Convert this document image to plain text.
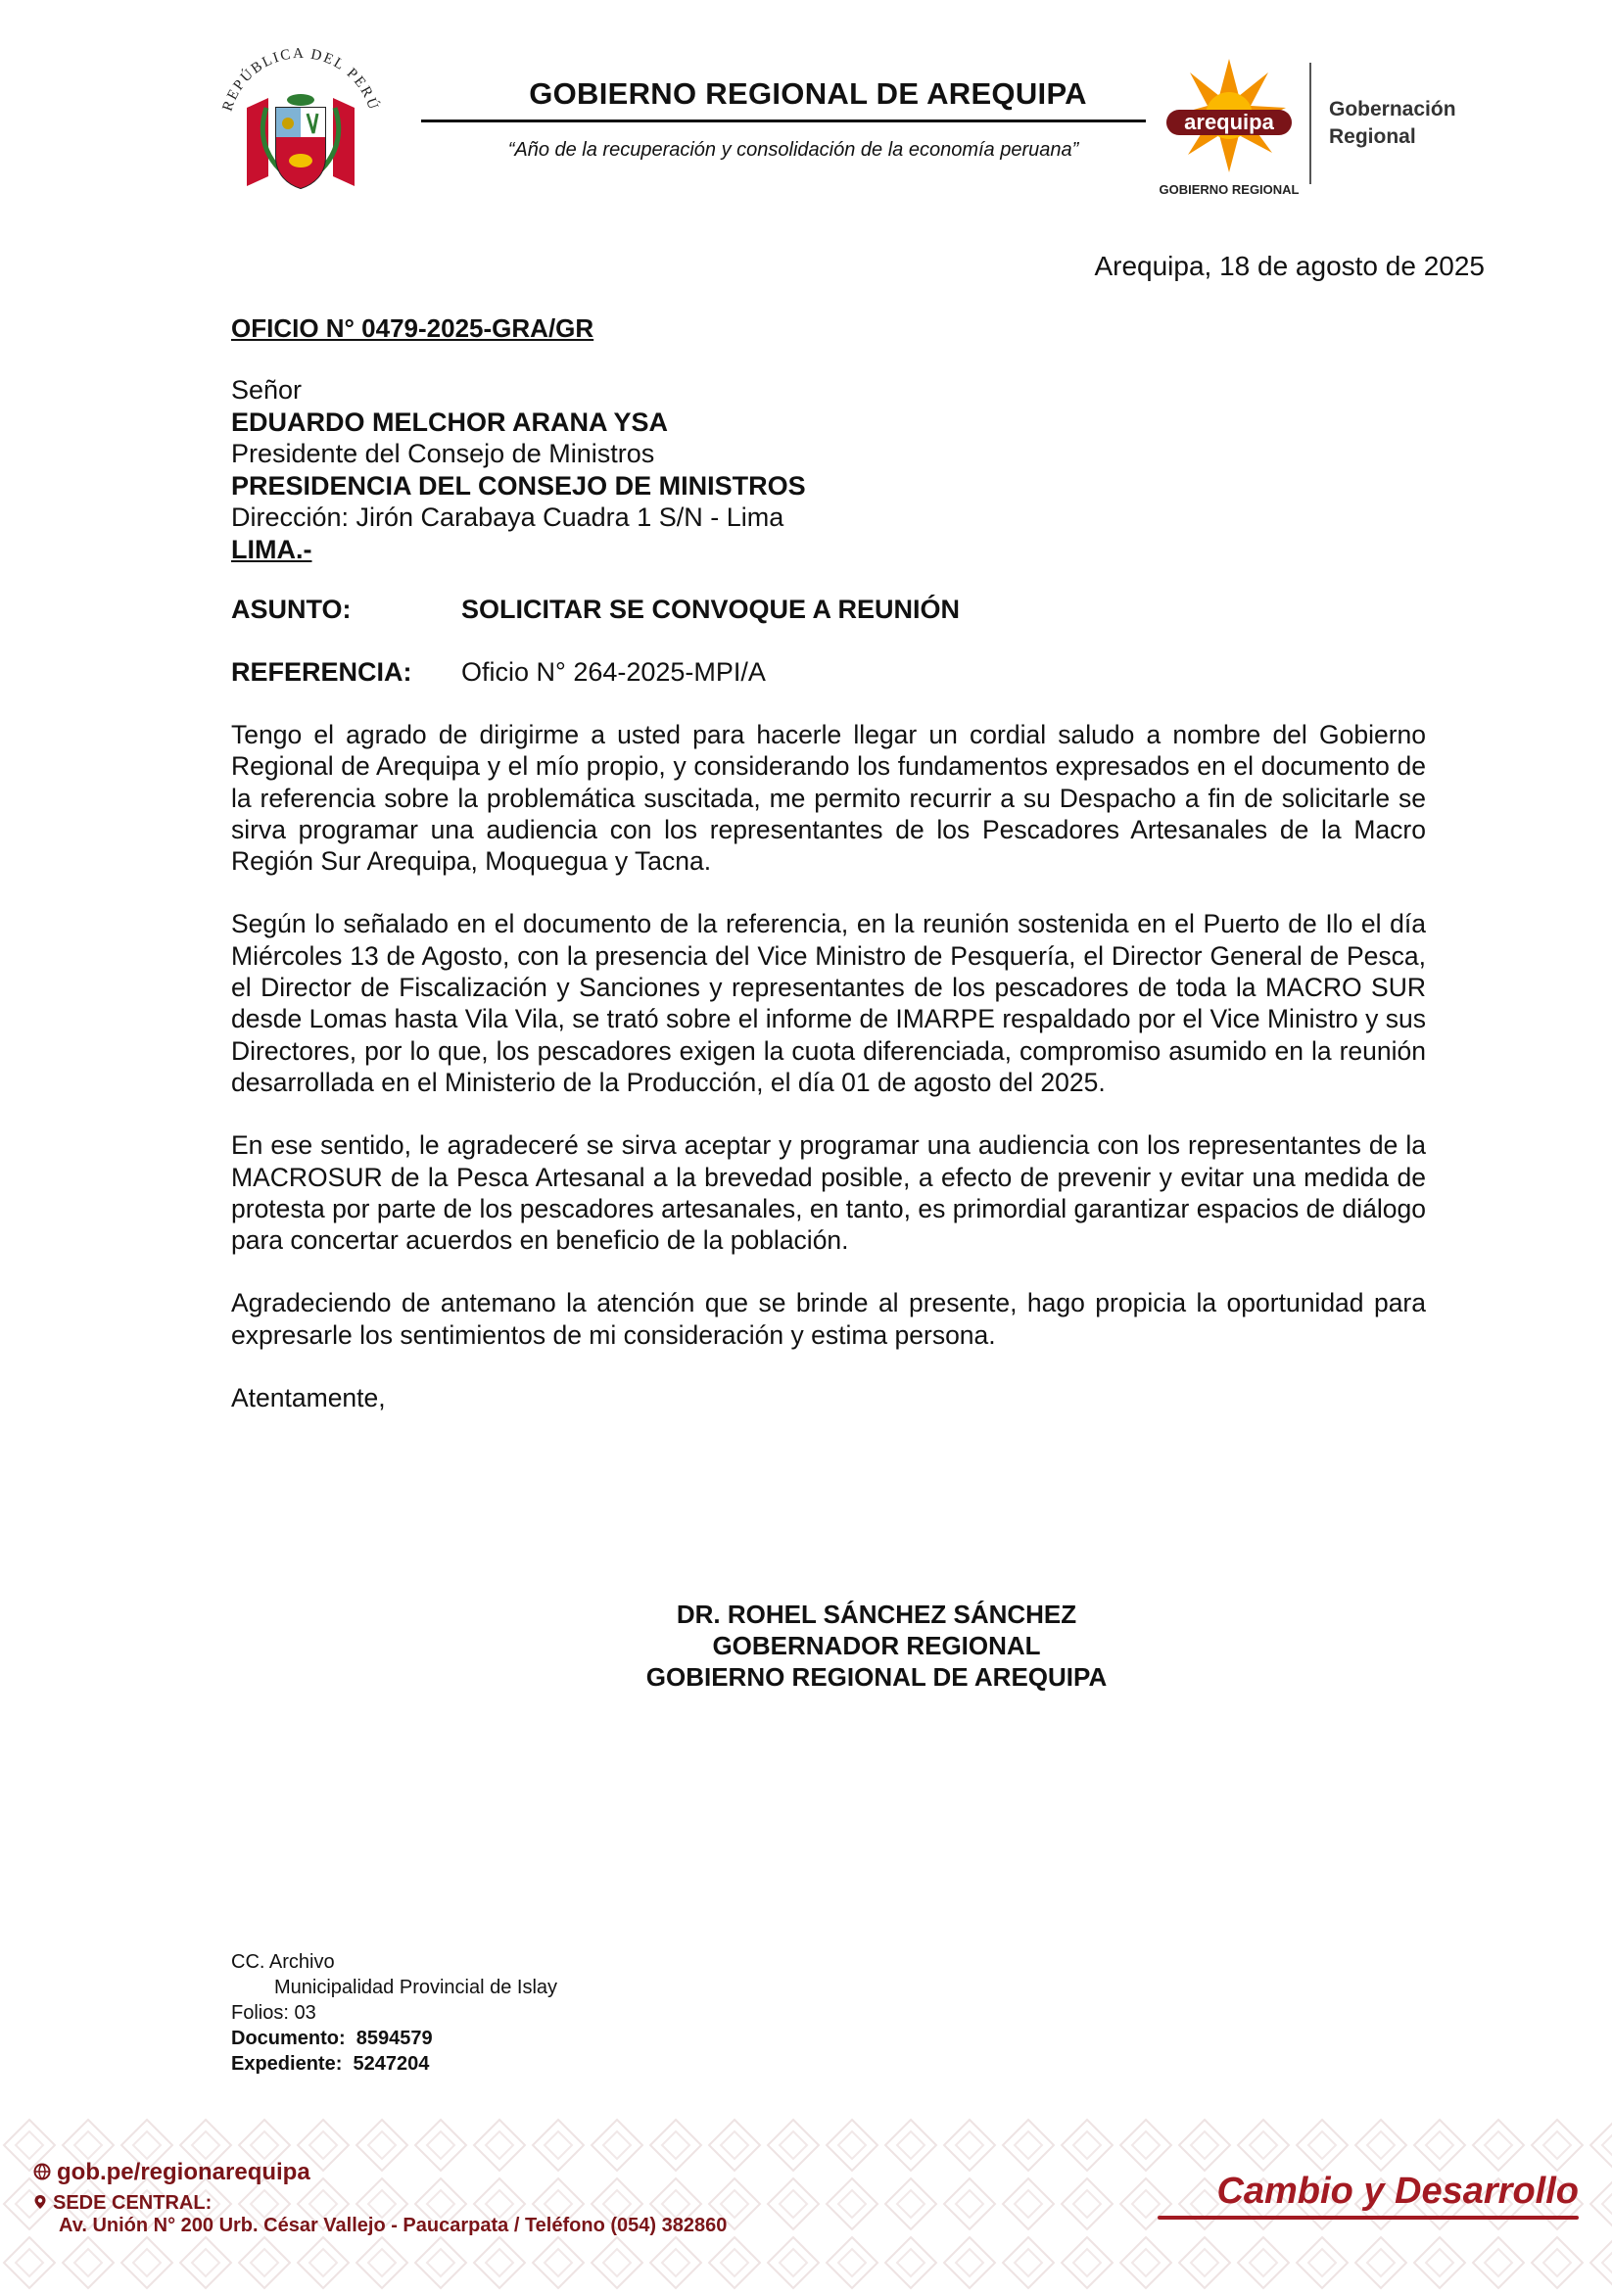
REPÚBLICA DEL PERÚ	GOBIERNO REGIONAL DE AREQUIPA
“Año de la recuperación y consolidación de la economía peruana”
arequipa
GOBIERNO REGIONAL
Gobernación
Regional
Arequipa, 18 de agosto de 2025
OFICIO N° 0479-2025-GRA/GR
Señor
EDUARDO MELCHOR ARANA YSA
Presidente del Consejo de Ministros
PRESIDENCIA DEL CONSEJO DE MINISTROS
Dirección: Jirón Carabaya Cuadra 1 S/N - Lima
LIMA.-
ASUNTO:	SOLICITAR SE CONVOQUE A REUNIÓN
REFERENCIA: Oficio N° 264-2025-MPI/A

Tengo el agrado de dirigirme a usted para hacerle llegar un cordial saludo a nombre del Gobierno Regional de Arequipa y el mío propio, y considerando los fundamentos expresados en el documento de la referencia sobre la problemática suscitada, me permito recurrir a su Despacho a fin de solicitarle se sirva programar una audiencia con los representantes de los Pescadores Artesanales de la Macro Región Sur Arequipa, Moquegua y Tacna.

Según lo señalado en el documento de la referencia, en la reunión sostenida en el Puerto de Ilo el día Miércoles 13 de Agosto, con la presencia del Vice Ministro de Pesquería, el Director General de Pesca, el Director de Fiscalización y Sanciones y representantes de los pescadores de toda la MACRO SUR desde Lomas hasta Vila Vila, se trató sobre el informe de IMARPE respaldado por el Vice Ministro y sus Directores, por lo que, los pescadores exigen la cuota diferenciada, compromiso asumido en la reunión desarrollada en el Ministerio de la Producción, el día 01 de agosto del 2025.

En ese sentido, le agradeceré se sirva aceptar y programar una audiencia con los representantes de la MACROSUR de la Pesca Artesanal a la brevedad posible, a efecto de prevenir y evitar una medida de protesta por parte de los pescadores artesanales, en tanto, es primordial garantizar espacios de diálogo para concertar acuerdos en beneficio de la población.

Agradeciendo de antemano la atención que se brinde al presente, hago propicia la oportunidad para expresarle los sentimientos de mi consideración y estima persona.

Atentamente,

DR. ROHEL SÁNCHEZ SÁNCHEZ
GOBERNADOR REGIONAL
GOBIERNO REGIONAL DE AREQUIPA
CC. Archivo
Municipalidad Provincial de Islay
Folios: 03
Documento: 8594579
Expediente: 5247204
gob.pe/regionarequipa
SEDE CENTRAL:
Av. Unión N° 200 Urb. César Vallejo - Paucarpata / Teléfono (054) 382860
Cambio y Desarrollo
